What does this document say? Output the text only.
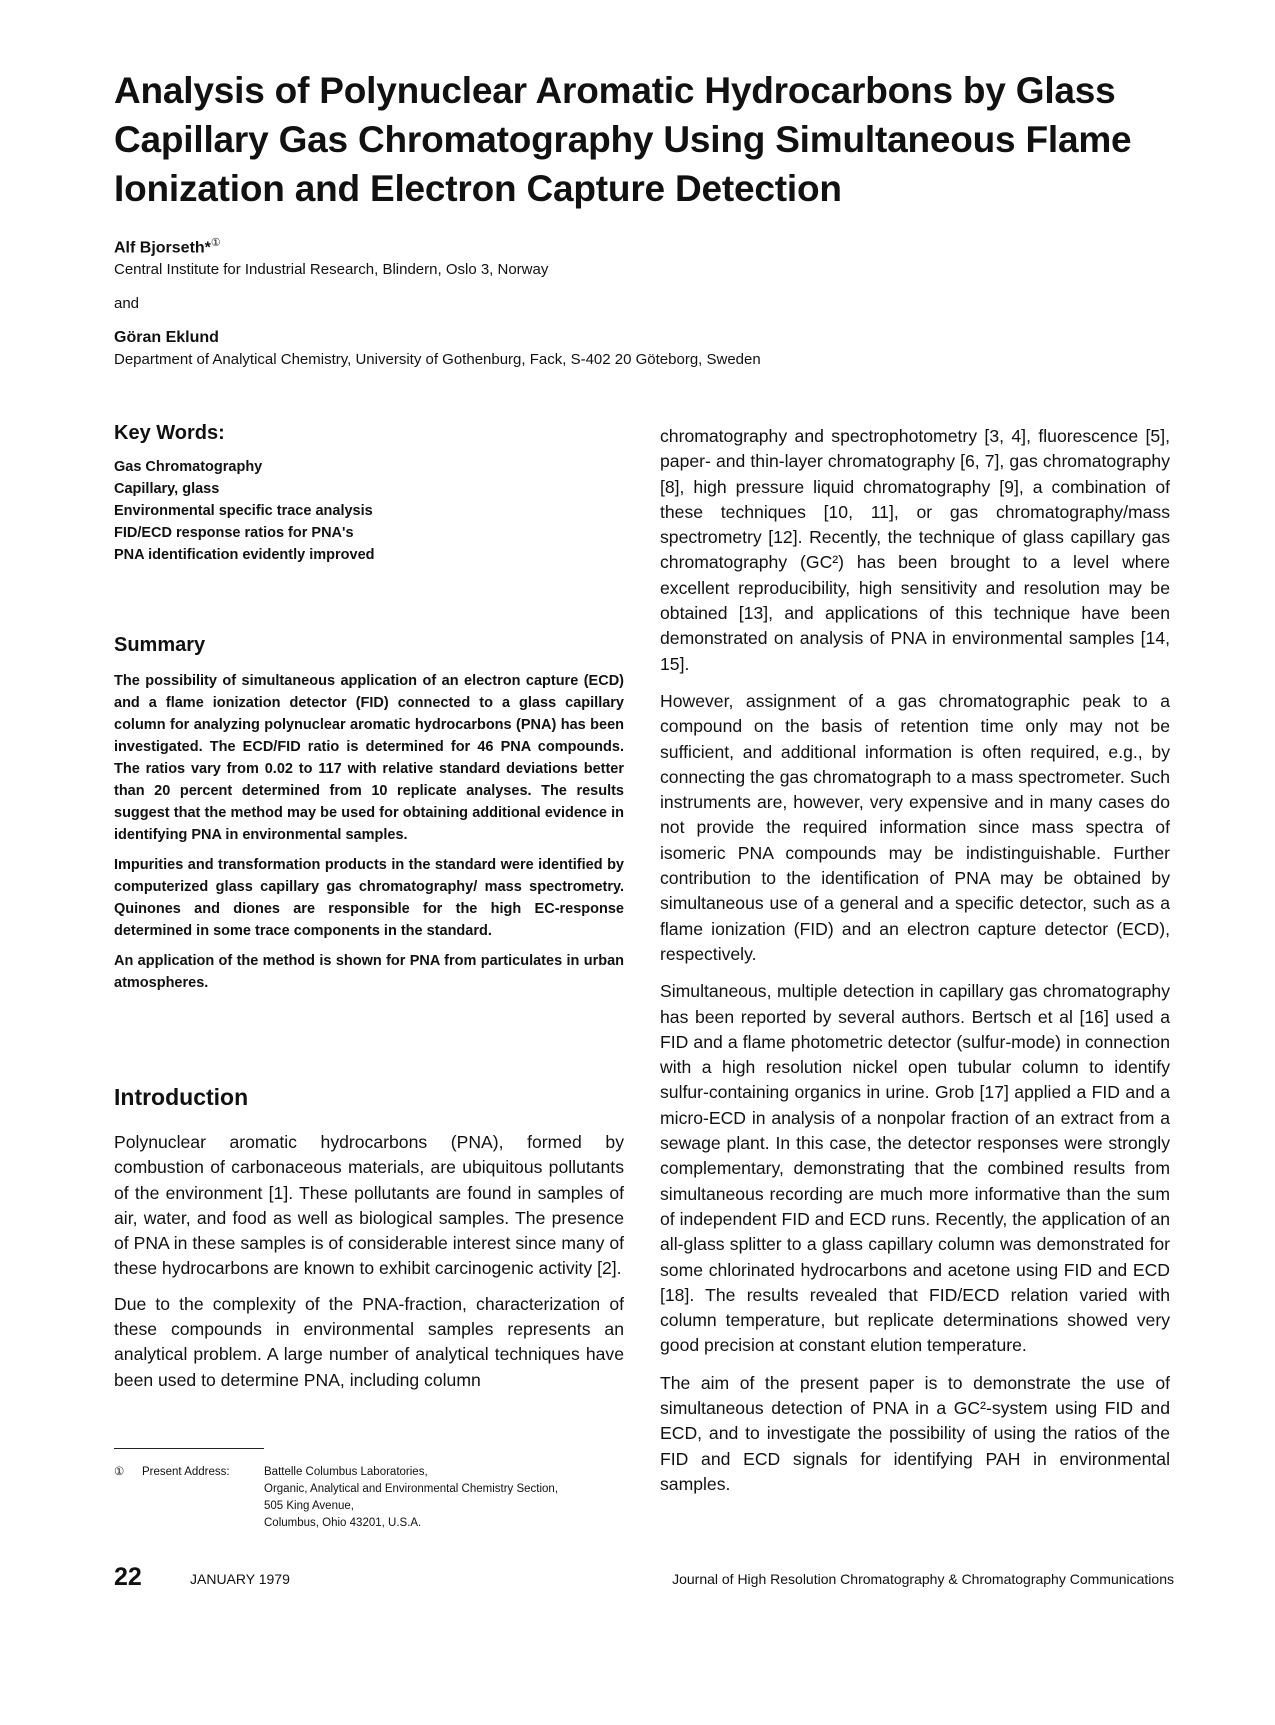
Analysis of Polynuclear Aromatic Hydrocarbons by Glass Capillary Gas Chromatography Using Simultaneous Flame Ionization and Electron Capture Detection

Alf Bjorseth*①

Central Institute for Industrial Research, Blindern, Oslo 3, Norway

and

Göran Eklund

Department of Analytical Chemistry, University of Gothenburg, Fack, S-402 20 Göteborg, Sweden

Key Words:
Gas Chromatography
Capillary, glass
Environmental specific trace analysis
FID/ECD response ratios for PNA's
PNA identification evidently improved
Summary

The possibility of simultaneous application of an electron capture (ECD) and a flame ionization detector (FID) connected to a glass capillary column for analyzing polynuclear aromatic hydrocarbons (PNA) has been investigated. The ECD/FID ratio is determined for 46 PNA compounds. The ratios vary from 0.02 to 117 with relative standard deviations better than 20 percent determined from 10 replicate analyses. The results suggest that the method may be used for obtaining additional evidence in identifying PNA in environmental samples.

Impurities and transformation products in the standard were identified by computerized glass capillary gas chromatography/ mass spectrometry. Quinones and diones are responsible for the high EC-response determined in some trace components in the standard.

An application of the method is shown for PNA from particulates in urban atmospheres.

Introduction

Polynuclear aromatic hydrocarbons (PNA), formed by combustion of carbonaceous materials, are ubiquitous pollutants of the environment [1]. These pollutants are found in samples of air, water, and food as well as biological samples. The presence of PNA in these samples is of considerable interest since many of these hydrocarbons are known to exhibit carcinogenic activity [2].

Due to the complexity of the PNA-fraction, characterization of these compounds in environmental samples represents an analytical problem. A large number of analytical techniques have been used to determine PNA, including column

①	Present Address:	Battelle Columbus Laboratories,
Organic, Analytical and Environmental Chemistry Section,
505 King Avenue,
Columbus, Ohio 43201, U.S.A.

chromatography and spectrophotometry [3, 4], fluorescence [5], paper- and thin-layer chromatography [6, 7], gas chromatography [8], high pressure liquid chromatography [9], a combination of these techniques [10, 11], or gas chromatography/mass spectrometry [12]. Recently, the technique of glass capillary gas chromatography (GC²) has been brought to a level where excellent reproducibility, high sensitivity and resolution may be obtained [13], and applications of this technique have been demonstrated on analysis of PNA in environmental samples [14, 15].

However, assignment of a gas chromatographic peak to a compound on the basis of retention time only may not be sufficient, and additional information is often required, e.g., by connecting the gas chromatograph to a mass spectrometer. Such instruments are, however, very expensive and in many cases do not provide the required information since mass spectra of isomeric PNA compounds may be indistinguishable. Further contribution to the identification of PNA may be obtained by simultaneous use of a general and a specific detector, such as a flame ionization (FID) and an electron capture detector (ECD), respectively.

Simultaneous, multiple detection in capillary gas chromatography has been reported by several authors. Bertsch et al [16] used a FID and a flame photometric detector (sulfur-mode) in connection with a high resolution nickel open tubular column to identify sulfur-containing organics in urine. Grob [17] applied a FID and a micro-ECD in analysis of a nonpolar fraction of an extract from a sewage plant. In this case, the detector responses were strongly complementary, demonstrating that the combined results from simultaneous recording are much more informative than the sum of independent FID and ECD runs. Recently, the application of an all-glass splitter to a glass capillary column was demonstrated for some chlorinated hydrocarbons and acetone using FID and ECD [18]. The results revealed that FID/ECD relation varied with column temperature, but replicate determinations showed very good precision at constant elution temperature.

The aim of the present paper is to demonstrate the use of simultaneous detection of PNA in a GC²-system using FID and ECD, and to investigate the possibility of using the ratios of the FID and ECD signals for identifying PAH in environmental samples.

22	JANUARY 1979	Journal of High Resolution Chromatography & Chromatography Communications
